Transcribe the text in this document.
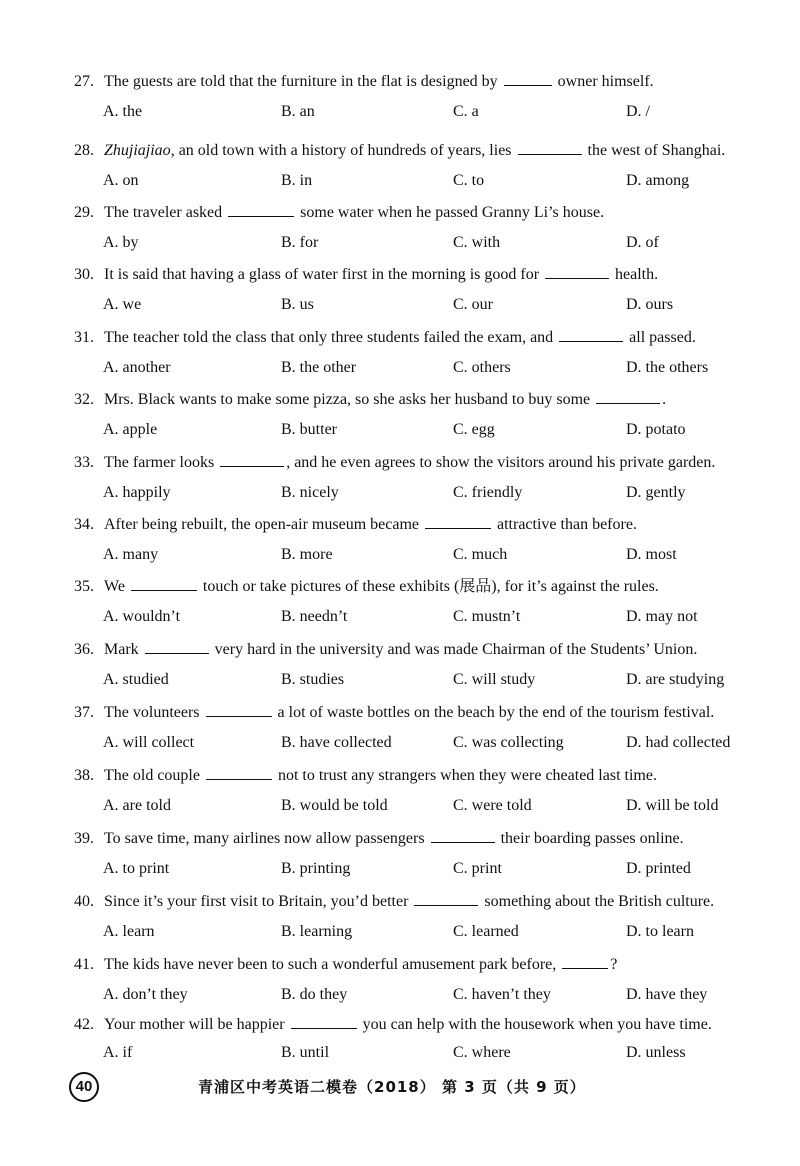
27. The guests are told that the furniture in the flat is designed by	owner himself.
A. the	B. an	C. a	D. /
28. Zhujiajiao, an old town with a history of hundreds of years, lies	the west of Shanghai.
A. on	B. in	C. to	D. among
29. The traveler asked	some water when he passed Granny Li’s house.
A. by	B. for	C. with	D. of
30. It is said that having a glass of water first in the morning is good for	health.
A. we	B. us	C. our	D. ours
31. The teacher told the class that only three students failed the exam, and	all passed.
A. another	B. the other	C. others	D. the others
32. Mrs. Black wants to make some pizza, so she asks her husband to buy some	.
A. apple	B. butter	C. egg	D. potato
33. The farmer looks	, and he even agrees to show the visitors around his private garden.
A. happily	B. nicely	C. friendly	D. gently
34. After being rebuilt, the open-air museum became	attractive than before.
A. many	B. more	C. much	D. most
35. We	touch or take pictures of these exhibits (展品), for it’s against the rules.
A. wouldn’t	B. needn’t	C. mustn’t	D. may not
36. Mark	very hard in the university and was made Chairman of the Students’ Union.
A. studied	B. studies	C. will study	D. are studying
37. The volunteers	a lot of waste bottles on the beach by the end of the tourism festival.
A. will collect	B. have collected	C. was collecting	D. had collected
38. The old couple	not to trust any strangers when they were cheated last time.
A. are told	B. would be told	C. were told	D. will be told
39. To save time, many airlines now allow passengers	their boarding passes online.
A. to print	B. printing	C. print	D. printed
40. Since it’s your first visit to Britain, you’d better	something about the British culture.
A. learn	B. learning	C. learned	D. to learn
41. The kids have never been to such a wonderful amusement park before,	?
A. don’t they	B. do they	C. haven’t they	D. have they
42. Your mother will be happier	you can help with the housework when you have time.
A. if	B. until	C. where	D. unless
40	青浦区中考英语二模卷（2018） 第 3 页（共 9 页）
